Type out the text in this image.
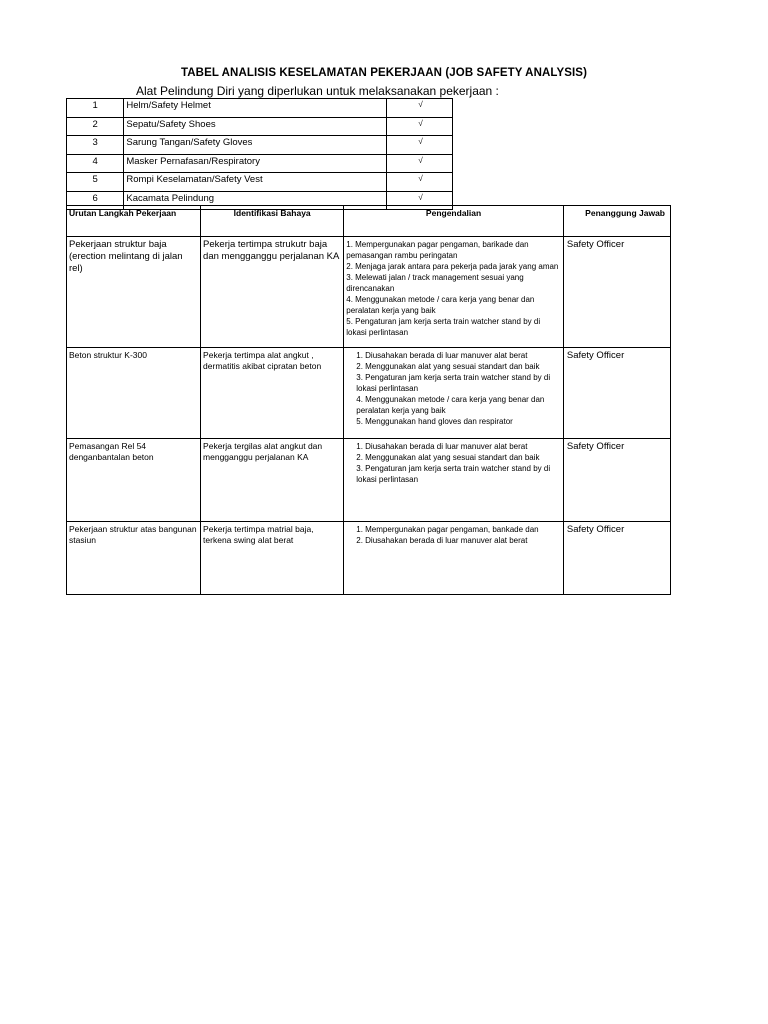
TABEL ANALISIS KESELAMATAN PEKERJAAN (JOB SAFETY ANALYSIS)
Alat Pelindung Diri yang diperlukan untuk melaksanakan pekerjaan :
1	Helm/Safety Helmet	√
2	Sepatu/Safety Shoes	√
3	Sarung Tangan/Safety Gloves	√
4	Masker Pernafasan/Respiratory	√
5	Rompi Keselamatan/Safety Vest	√
6	Kacamata Pelindung	√
Urutan Langkah Pekerjaan	Identifikasi Bahaya	Pengendalian	Penanggung Jawab
Pekerjaan struktur baja (erection melintang di jalan rel)	Pekerja tertimpa strukutr baja dan mengganggu perjalanan KA	1. Mempergunakan pagar pengaman, barikade dan pemasangan rambu peringatan
2. Menjaga jarak antara para pekerja pada jarak yang aman
3. Melewati jalan / track management sesuai yang direncanakan
4. Menggunakan metode / cara kerja yang benar dan peralatan kerja yang baik
5. Pengaturan jam kerja serta train watcher stand by di lokasi perlintasan	Safety Officer
Beton struktur K-300	Pekerja tertimpa alat angkut , dermatitis akibat cipratan beton	1. Diusahakan berada di luar manuver alat berat
2. Menggunakan alat yang sesuai standart dan baik
3. Pengaturan jam kerja serta train watcher stand by di lokasi perlintasan
4. Menggunakan metode / cara kerja yang benar dan peralatan kerja yang baik
5. Menggunakan hand gloves dan respirator	Safety Officer
Pemasangan Rel 54 denganbantalan beton	Pekerja tergilas alat angkut dan mengganggu perjalanan KA	1. Diusahakan berada di luar manuver alat berat
2. Menggunakan alat yang sesuai standart dan baik
3. Pengaturan jam kerja serta train watcher stand by di lokasi perlintasan	Safety Officer
Pekerjaan struktur atas bangunan stasiun	Pekerja tertimpa matrial baja, terkena swing alat berat	1. Mempergunakan pagar pengaman, bankade dan
2. Diusahakan berada di luar manuver alat berat	Safety Officer
